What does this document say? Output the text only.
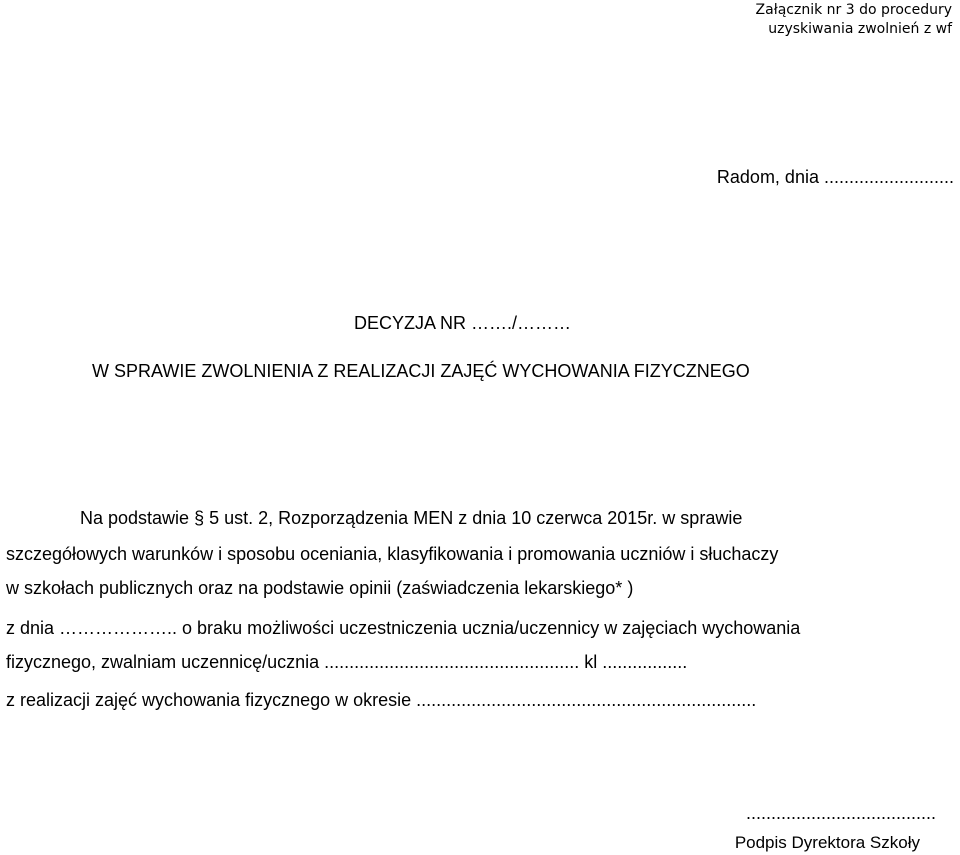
Załącznik nr 3 do procedury
uzyskiwania zwolnień z wf
Radom, dnia ..........................
DECYZJA NR ……./………
W SPRAWIE ZWOLNIENIA Z REALIZACJI ZAJĘĆ WYCHOWANIA FIZYCZNEGO
Na podstawie § 5 ust. 2, Rozporządzenia MEN z dnia 10 czerwca 2015r. w sprawie
szczegółowych warunków i sposobu oceniania, klasyfikowania i promowania uczniów i słuchaczy
w szkołach publicznych oraz na podstawie opinii (zaświadczenia lekarskiego* )
z dnia ……………….. o braku możliwości uczestniczenia ucznia/uczennicy w zajęciach wychowania
fizycznego, zwalniam uczennicę/ucznia ................................................... kl .................
z realizacji zajęć wychowania fizycznego w okresie ....................................................................
......................................
Podpis Dyrektora Szkoły
